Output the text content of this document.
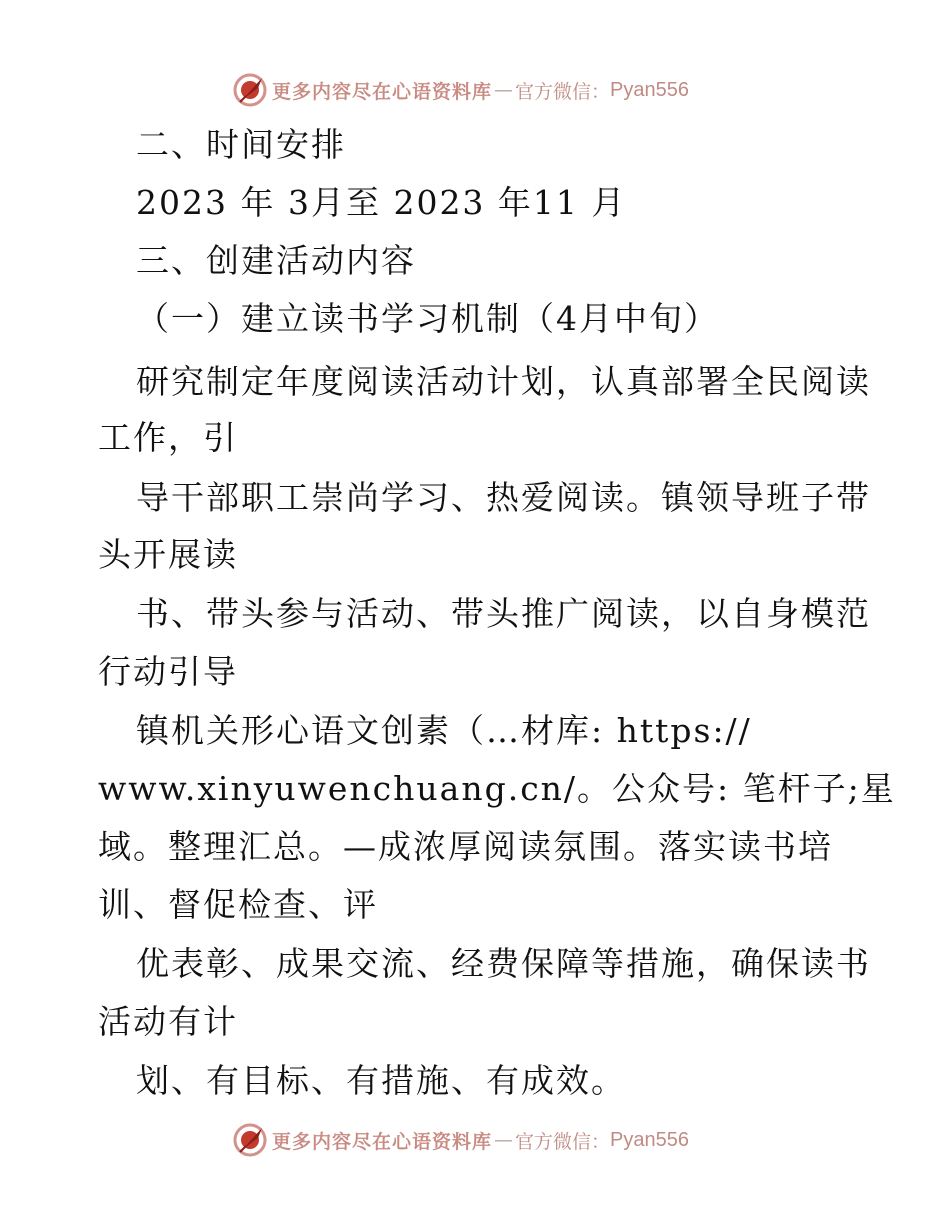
更多内容尽在心语资料库 — 官方微信： Pyan556
二、时间安排
2023 年 3月至 2023 年11 月
三、创建活动内容
（一）建立读书学习机制（4月中旬）
研究制定年度阅读活动计划，认真部署全民阅读
工作，引
导干部职工崇尚学习、热爱阅读。镇领导班子带
头开展读
书、带头参与活动、带头推广阅读，以自身模范
行动引导
镇机关形心语文创素（…材库: https://
www.xinyuwenchuang.cn/。公众号: 笔杆子;星
域。整理汇总。—成浓厚阅读氛围。落实读书培
训、督促检查、评
优表彰、成果交流、经费保障等措施，确保读书
活动有计
划、有目标、有措施、有成效。
更多内容尽在心语资料库 — 官方微信： Pyan556
